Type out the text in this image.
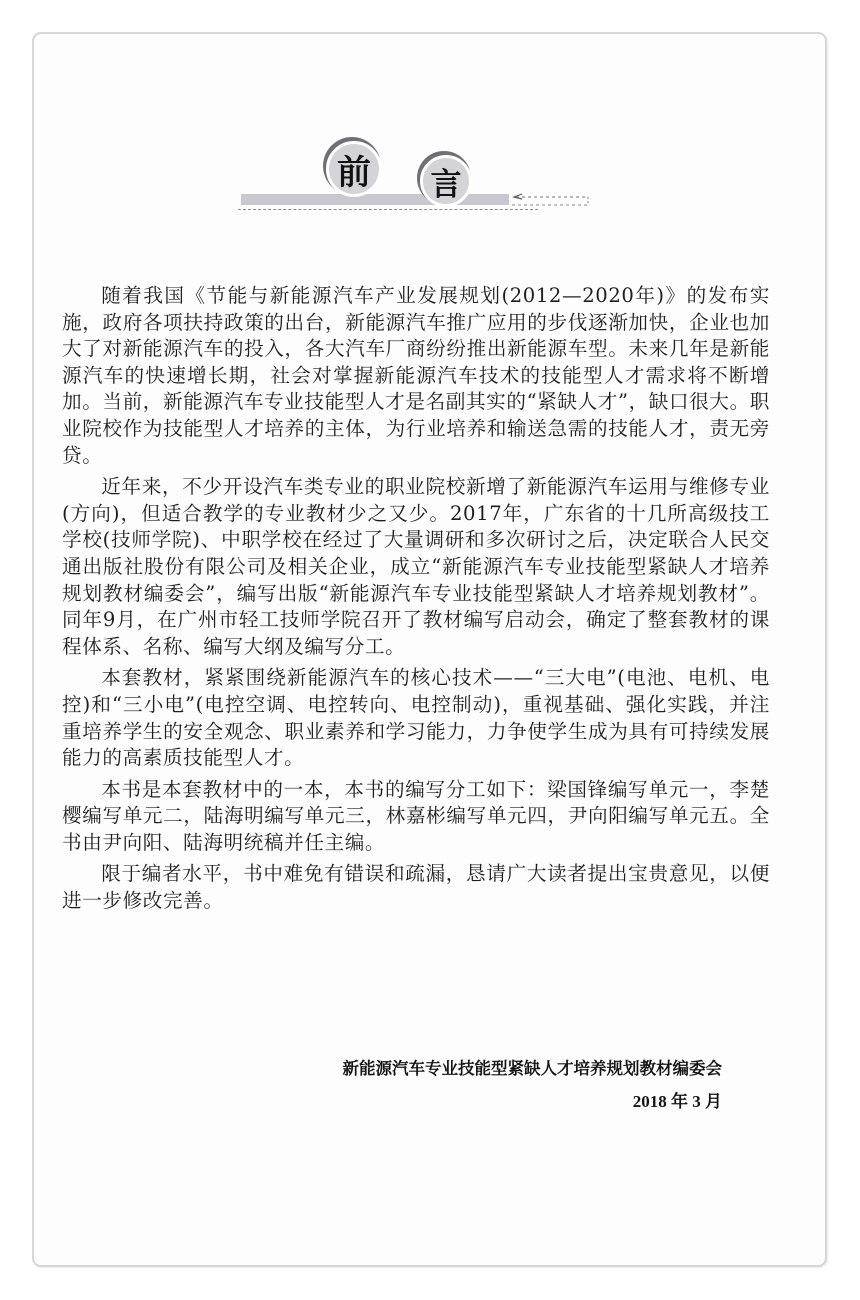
前 言

随着我国《节能与新能源汽车产业发展规划(2012—2020年)》的发布实施，政府各项扶持政策的出台，新能源汽车推广应用的步伐逐渐加快，企业也加大了对新能源汽车的投入，各大汽车厂商纷纷推出新能源车型。未来几年是新能源汽车的快速增长期，社会对掌握新能源汽车技术的技能型人才需求将不断增加。当前，新能源汽车专业技能型人才是名副其实的“紧缺人才”，缺口很大。职业院校作为技能型人才培养的主体，为行业培养和输送急需的技能人才，责无旁贷。

近年来，不少开设汽车类专业的职业院校新增了新能源汽车运用与维修专业(方向)，但适合教学的专业教材少之又少。2017年，广东省的十几所高级技工学校(技师学院)、中职学校在经过了大量调研和多次研讨之后，决定联合人民交通出版社股份有限公司及相关企业，成立“新能源汽车专业技能型紧缺人才培养规划教材编委会”，编写出版“新能源汽车专业技能型紧缺人才培养规划教材”。同年9月，在广州市轻工技师学院召开了教材编写启动会，确定了整套教材的课程体系、名称、编写大纲及编写分工。

本套教材，紧紧围绕新能源汽车的核心技术——“三大电”(电池、电机、电控)和“三小电”(电控空调、电控转向、电控制动)，重视基础、强化实践，并注重培养学生的安全观念、职业素养和学习能力，力争使学生成为具有可持续发展能力的高素质技能型人才。

本书是本套教材中的一本，本书的编写分工如下：梁国锋编写单元一，李楚樱编写单元二，陆海明编写单元三，林嘉彬编写单元四，尹向阳编写单元五。全书由尹向阳、陆海明统稿并任主编。

限于编者水平，书中难免有错误和疏漏，恳请广大读者提出宝贵意见，以便进一步修改完善。

新能源汽车专业技能型紧缺人才培养规划教材编委会
2018 年 3 月
